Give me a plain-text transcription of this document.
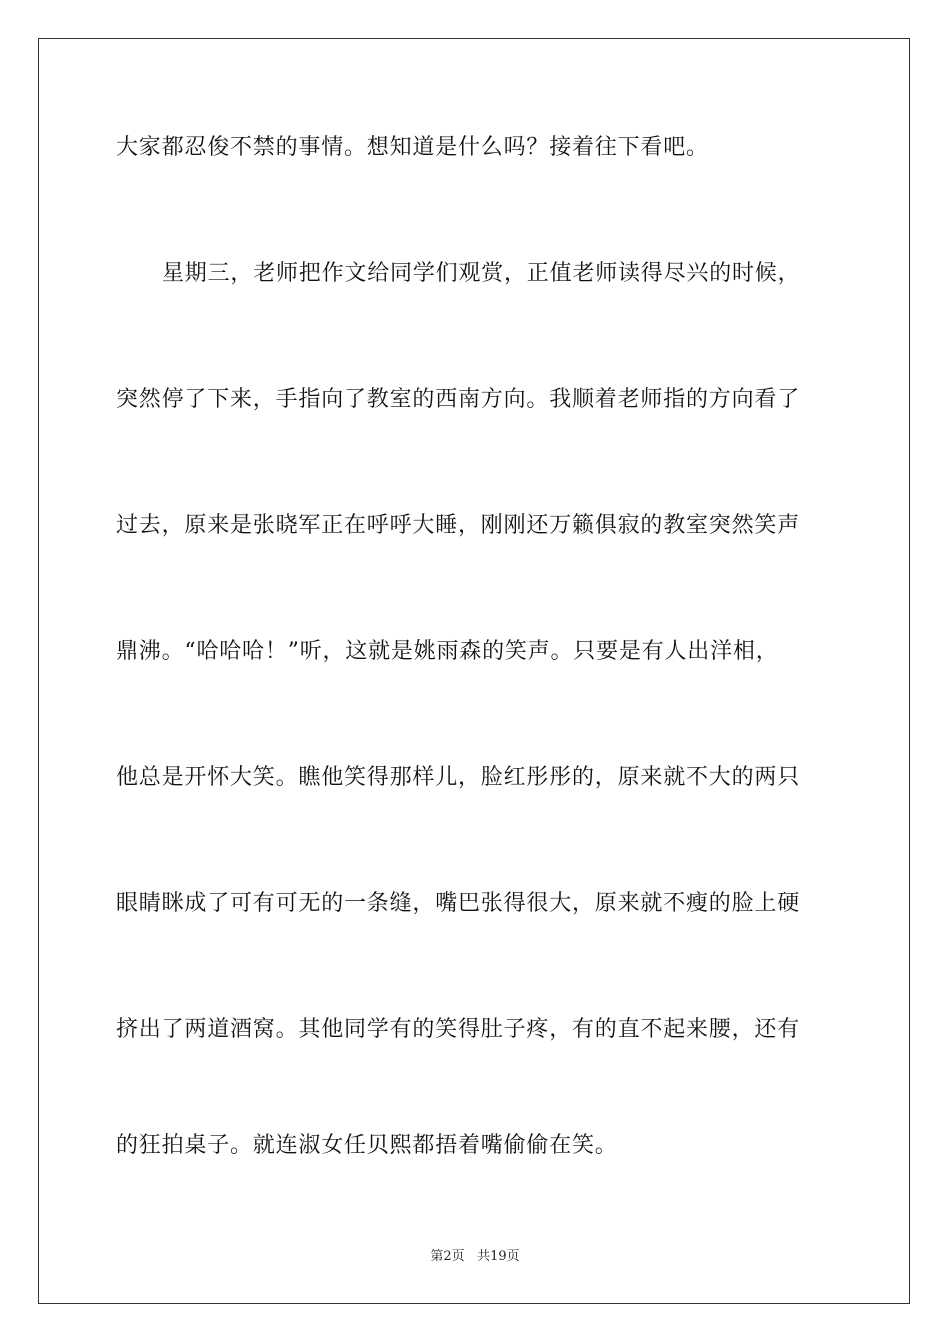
大家都忍俊不禁的事情。想知道是什么吗？接着往下看吧。
星期三，老师把作文给同学们观赏，正值老师读得尽兴的时候，
突然停了下来，手指向了教室的西南方向。我顺着老师指的方向看了
过去，原来是张晓军正在呼呼大睡，刚刚还万籁俱寂的教室突然笑声
鼎沸。“哈哈哈！”听，这就是姚雨森的笑声。只要是有人出洋相，
他总是开怀大笑。瞧他笑得那样儿，脸红彤彤的，原来就不大的两只
眼睛眯成了可有可无的一条缝，嘴巴张得很大，原来就不瘦的脸上硬
挤出了两道酒窝。其他同学有的笑得肚子疼，有的直不起来腰，还有
的狂拍桌子。就连淑女任贝熙都捂着嘴偷偷在笑。
第2页 共19页
